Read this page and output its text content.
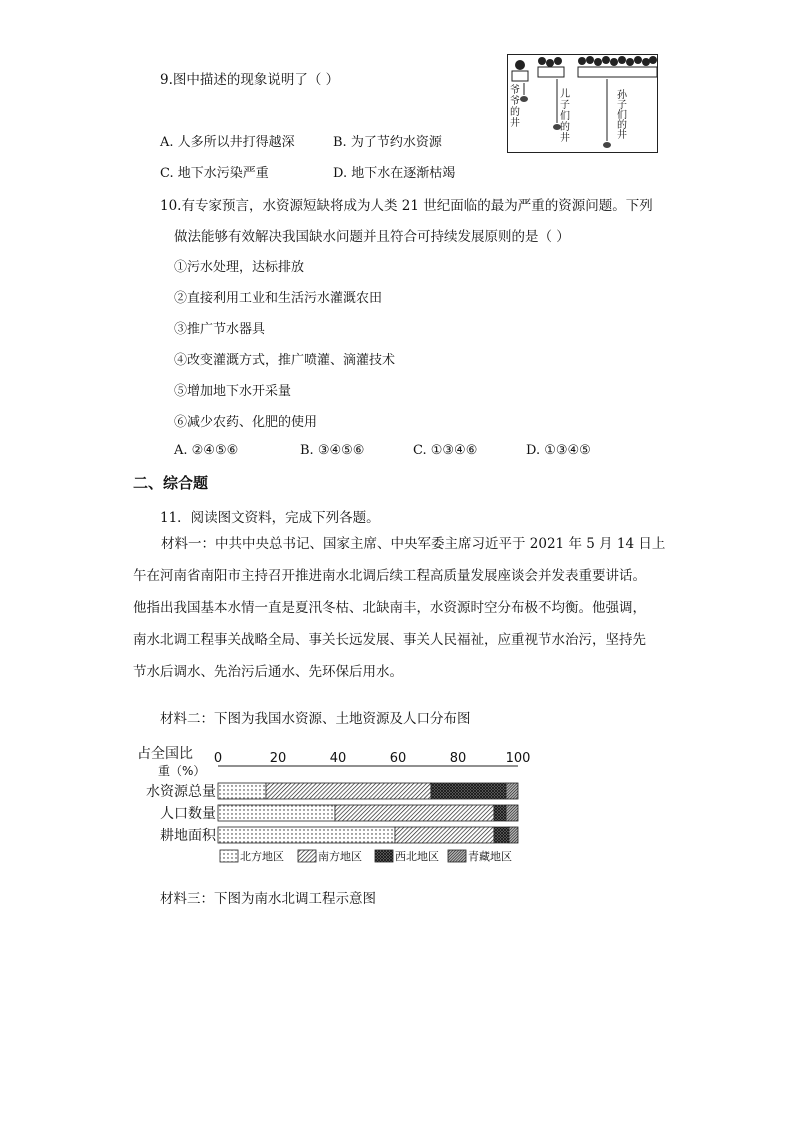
9.图中描述的现象说明了（ ）
A. 人多所以井打得越深	B. 为了节约水资源
C. 地下水污染严重	D. 地下水在逐渐枯竭
爷爷的井
儿子们的井
孙子们的井
10.有专家预言，水资源短缺将成为人类 21 世纪面临的最为严重的资源问题。下列
做法能够有效解决我国缺水问题并且符合可持续发展原则的是（ ）
①污水处理，达标排放
②直接利用工业和生活污水灌溉农田
③推广节水器具
④改变灌溉方式，推广喷灌、滴灌技术
⑤增加地下水开采量
⑥减少农药、化肥的使用
A. ②④⑤⑥	B. ③④⑤⑥	C. ①③④⑥	D. ①③④⑤
二、综合题
11．阅读图文资料，完成下列各题。
材料一：中共中央总书记、国家主席、中央军委主席习近平于 2021 年 5 月 14 日上
午在河南省南阳市主持召开推进南水北调后续工程高质量发展座谈会并发表重要讲话。
他指出我国基本水情一直是夏汛冬枯、北缺南丰，水资源时空分布极不均衡。他强调，
南水北调工程事关战略全局、事关长远发展、事关人民福祉，应重视节水治污，坚持先
节水后调水、先治污后通水、先环保后用水。
材料二：下图为我国水资源、土地资源及人口分布图
0	20	40	60	80	100
水资源总量
人口数量
耕地面积
北方地区	南方地区	西北地区	青藏地区
占全国比
重（%）
材料三：下图为南水北调工程示意图
